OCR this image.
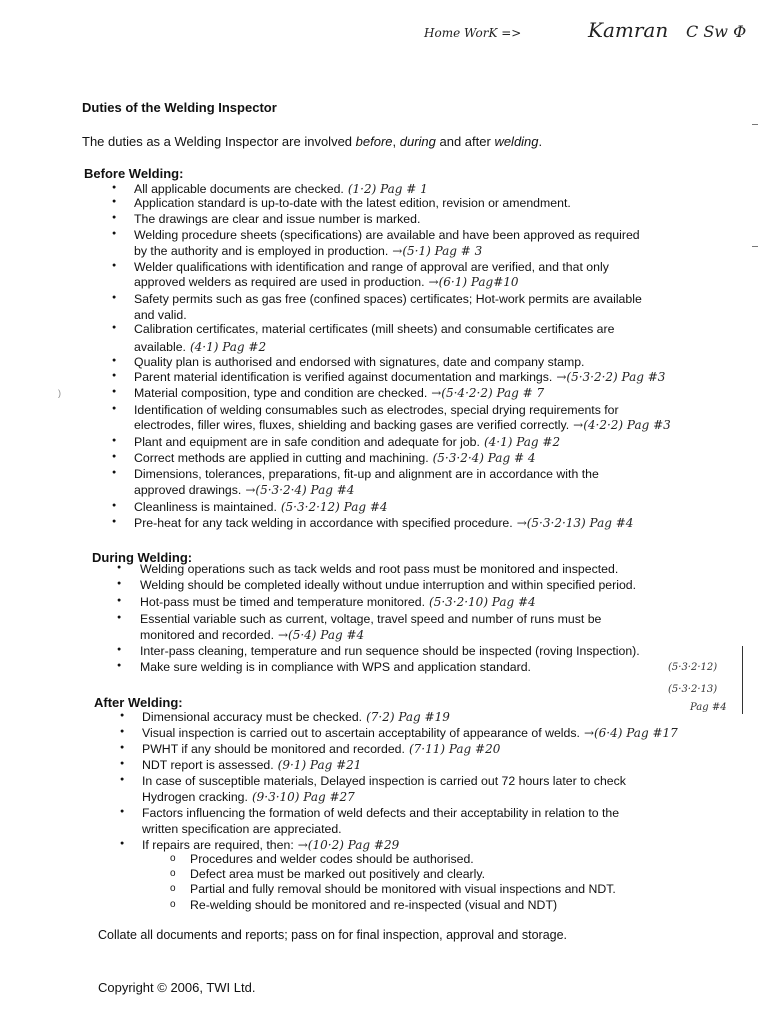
Home WorK =>	Kamran C Sw Φ
Duties of the Welding Inspector
The duties as a Welding Inspector are involved before, during and after welding.
Before Welding:
All applicable documents are checked. (1·2) Pag # 1
●
Application standard is up-to-date with the latest edition, revision or amendment.
●
The drawings are clear and issue number is marked.
●
Welding procedure sheets (specifications) are available and have been approved as required
●
by the authority and is employed in production. →(5·1) Pag # 3
Welder qualifications with identification and range of approval are verified, and that only
●
approved welders as required are used in production. →(6·1) Pag#10
Safety permits such as gas free (confined spaces) certificates; Hot-work permits are available
●
and valid.
Calibration certificates, material certificates (mill sheets) and consumable certificates are
●
available. (4·1) Pag #2
Quality plan is authorised and endorsed with signatures, date and company stamp.
●
Parent material identification is verified against documentation and markings. →(5·3·2·2) Pag #3
●
Material composition, type and condition are checked. →(5·4·2·2) Pag # 7
●
Identification of welding consumables such as electrodes, special drying requirements for
●
electrodes, filler wires, fluxes, shielding and backing gases are verified correctly. →(4·2·2) Pag #3
Plant and equipment are in safe condition and adequate for job. (4·1) Pag #2
●
Correct methods are applied in cutting and machining. (5·3·2·4) Pag # 4
●
Dimensions, tolerances, preparations, fit-up and alignment are in accordance with the
●
approved drawings. →(5·3·2·4) Pag #4
Cleanliness is maintained. (5·3·2·12) Pag #4
●
Pre-heat for any tack welding in accordance with specified procedure. →(5·3·2·13) Pag #4
●
During Welding:
Welding operations such as tack welds and root pass must be monitored and inspected.
●
Welding should be completed ideally without undue interruption and within specified period.
●
Hot-pass must be timed and temperature monitored. (5·3·2·10) Pag #4
●
Essential variable such as current, voltage, travel speed and number of runs must be
●
monitored and recorded. →(5·4) Pag #4
Inter-pass cleaning, temperature and run sequence should be inspected (roving Inspection).
●
Make sure welding is in compliance with WPS and application standard.
●	(5·3·2·12)
(5·3·2·13)
Pag #4
After Welding:
Dimensional accuracy must be checked. (7·2) Pag #19
●
Visual inspection is carried out to ascertain acceptability of appearance of welds. →(6·4) Pag #17
●
PWHT if any should be monitored and recorded. (7·11) Pag #20
●
NDT report is assessed. (9·1) Pag #21
●
In case of susceptible materials, Delayed inspection is carried out 72 hours later to check
●
Hydrogen cracking. (9·3·10) Pag #27
Factors influencing the formation of weld defects and their acceptability in relation to the
●
written specification are appreciated.
If repairs are required, then: →(10·2) Pag #29
●
o Procedures and welder codes should be authorised.
o Defect area must be marked out positively and clearly.
o Partial and fully removal should be monitored with visual inspections and NDT.
o Re-welding should be monitored and re-inspected (visual and NDT)
Collate all documents and reports; pass on for final inspection, approval and storage.
Copyright © 2006, TWI Ltd.
)
